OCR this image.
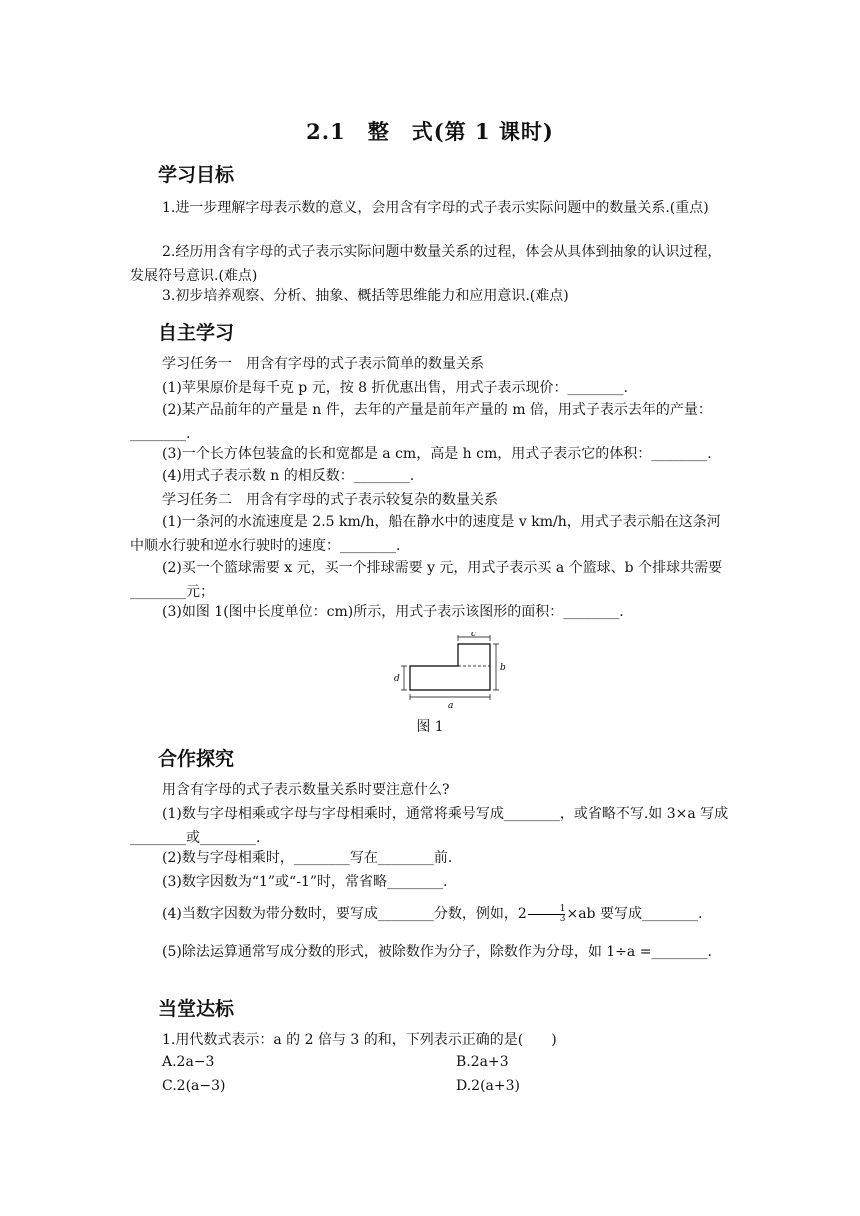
2.1　整　式(第 1 课时)
学习目标
1.进一步理解字母表示数的意义，会用含有字母的式子表示实际问题中的数量关系.(重点)
2.经历用含有字母的式子表示实际问题中数量关系的过程，体会从具体到抽象的认识过程，发展符号意识.(难点)
3.初步培养观察、分析、抽象、概括等思维能力和应用意识.(难点)
自主学习
学习任务一　用含有字母的式子表示简单的数量关系
(1)苹果原价是每千克 p 元，按 8 折优惠出售，用式子表示现价：________.
(2)某产品前年的产量是 n 件，去年的产量是前年产量的 m 倍，用式子表示去年的产量：________.
(3)一个长方体包装盒的长和宽都是 a cm，高是 h cm，用式子表示它的体积：________.
(4)用式子表示数 n 的相反数：________.
学习任务二　用含有字母的式子表示较复杂的数量关系
(1)一条河的水流速度是 2.5 km/h，船在静水中的速度是 v km/h，用式子表示船在这条河中顺水行驶和逆水行驶时的速度：________.
(2)买一个篮球需要 x 元，买一个排球需要 y 元，用式子表示买 a 个篮球、b 个排球共需要________元；
(3)如图 1(图中长度单位：cm)所示，用式子表示该图形的面积：________.
c
b
d
a
图 1
合作探究
用含有字母的式子表示数量关系时要注意什么?
(1)数与字母相乘或字母与字母相乘时，通常将乘号写成________，或省略不写.如 3×a 写成________或________.
(2)数与字母相乘时，________写在________前.
(3)数字因数为“1”或“-1”时，常省略________.
(4)当数字因数为带分数时，要写成________分数，例如，$2 \frac{1}{3} \times ab$ 要写成________.
(5)除法运算通常写成分数的形式，被除数作为分子，除数作为分母，如 1÷a =________.
当堂达标
1.用代数式表示：a 的 2 倍与 3 的和，下列表示正确的是(　　)
A.2a−3	B.2a+3
C.2(a−3)	D.2(a+3)
